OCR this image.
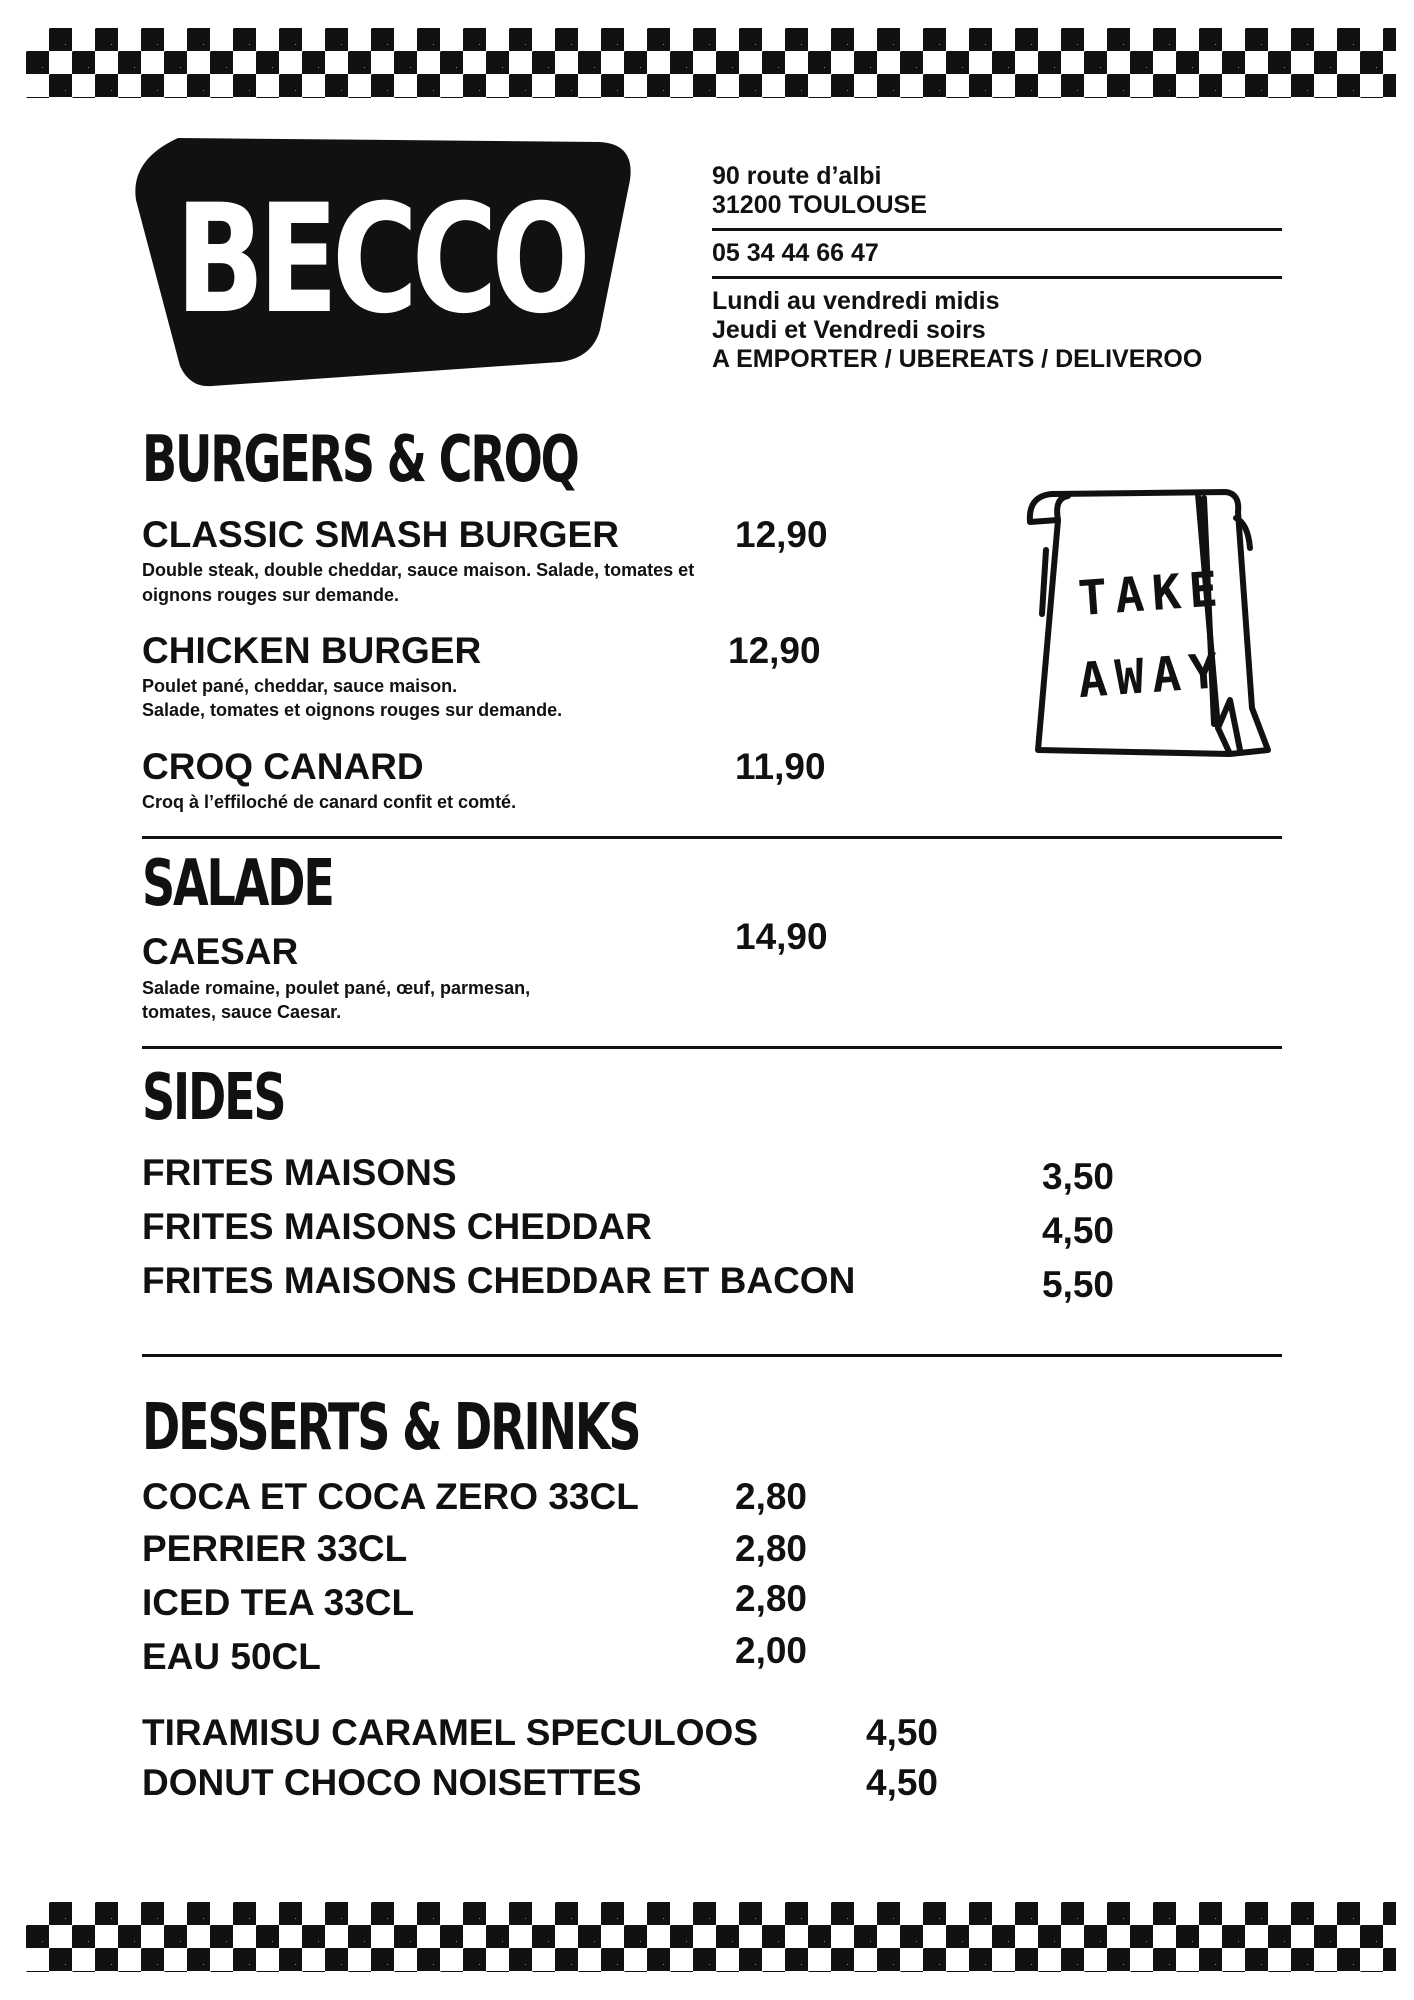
BECCO	90 route d’albi
31200 TOULOUSE
05 34 44 66 47
Lundi au vendredi midis
Jeudi et Vendredi soirs
A EMPORTER / UBEREATS / DELIVEROO
BURGERS & CROQ
CLASSIC SMASH BURGER	12,90
Double steak, double cheddar, sauce maison. Salade, tomates et oignons rouges sur demande.
CHICKEN BURGER	12,90
Poulet pané, cheddar, sauce maison.
Salade, tomates et oignons rouges sur demande.
CROQ CANARD	11,90
Croq à l’effiloché de canard confit et comté.
TAKE
AWAY
SALADE
CAESAR	14,90
Salade romaine, poulet pané, œuf, parmesan,
tomates, sauce Caesar.
SIDES
FRITES MAISONS	3,50
FRITES MAISONS CHEDDAR	4,50
FRITES MAISONS CHEDDAR ET BACON	5,50
DESSERTS & DRINKS
COCA ET COCA ZERO 33CL	2,80
PERRIER 33CL	2,80
ICED TEA 33CL	2,80
EAU 50CL	2,00
TIRAMISU CARAMEL SPECULOOS	4,50
DONUT CHOCO NOISETTES	4,50
